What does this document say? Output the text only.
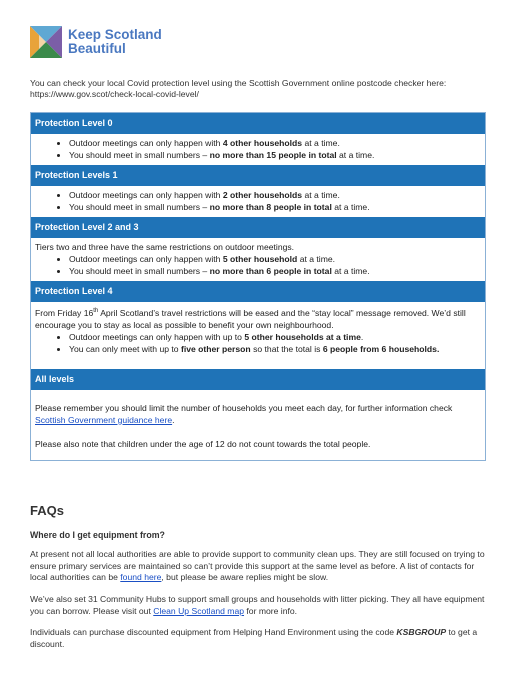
Keep Scotland
Beautiful
You can check your local Covid protection level using the Scottish Government online postcode checker here:
https://www.gov.scot/check-local-covid-level/
Protection Level 0
• Outdoor meetings can only happen with 4 other households at a time.
• You should meet in small numbers – no more than 15 people in total at a time.
Protection Levels 1
• Outdoor meetings can only happen with 2 other households at a time.
• You should meet in small numbers – no more than 8 people in total at a time.
Protection Level 2 and 3

Tiers two and three have the same restrictions on outdoor meetings.

• Outdoor meetings can only happen with 5 other household at a time.
• You should meet in small numbers – no more than 6 people in total at a time.
Protection Level 4

From Friday 16th April Scotland’s travel restrictions will be eased and the “stay local” message removed. We’d still encourage you to stay as local as possible to benefit your own neighbourhood.

• Outdoor meetings can only happen with up to 5 other households at a time.
• You can only meet with up to five other person so that the total is 6 people from 6 households.
All levels

Please remember you should limit the number of households you meet each day, for further information check Scottish Government guidance here.

Please also note that children under the age of 12 do not count towards the total people.

FAQs
Where do I get equipment from?

At present not all local authorities are able to provide support to community clean ups. They are still focused on trying to ensure primary services are maintained so can’t provide this support at the same level as before. A list of contacts for local authorities can be found here, but please be aware replies might be slow.

We’ve also set 31 Community Hubs to support small groups and households with litter picking. They all have equipment you can borrow. Please visit out Clean Up Scotland map for more info.

Individuals can purchase discounted equipment from Helping Hand Environment using the code KSBGROUP to get a discount.
